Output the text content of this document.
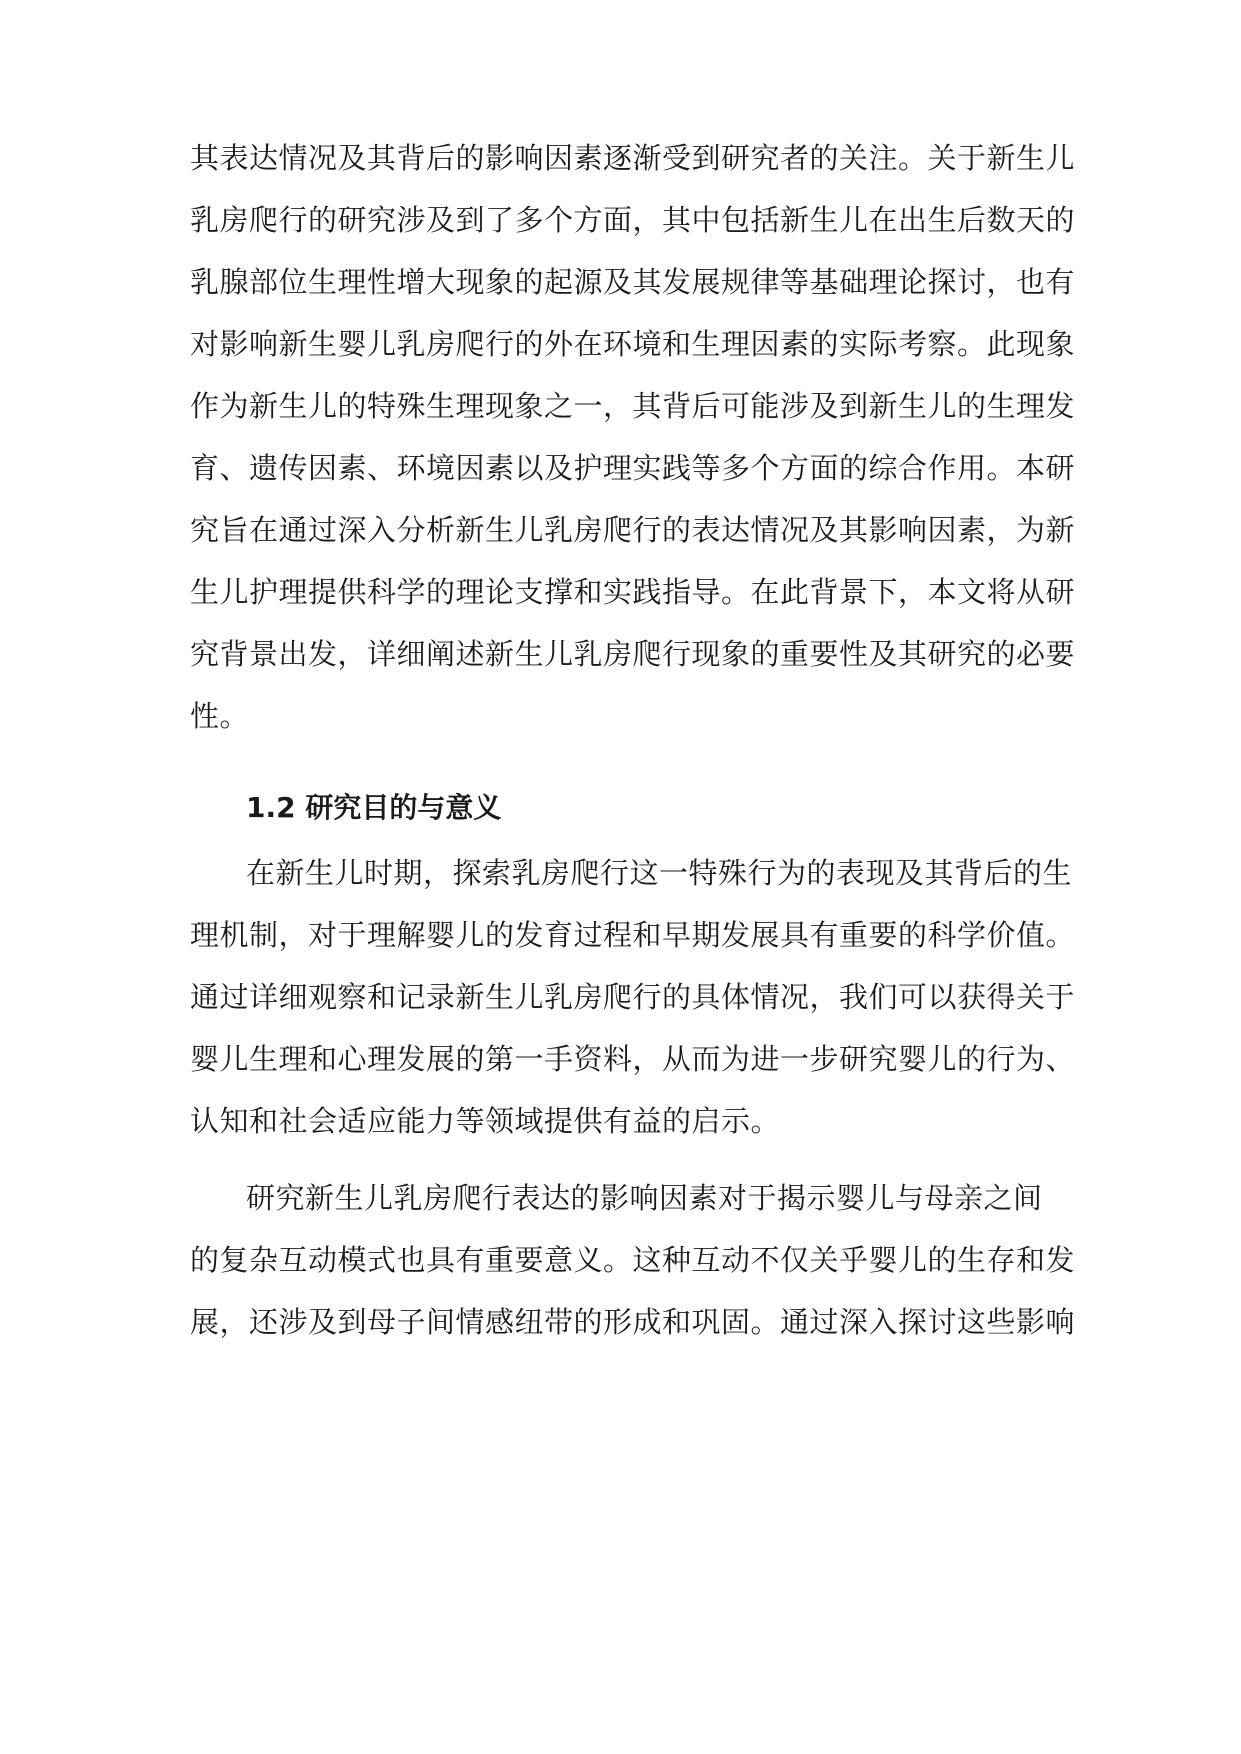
其表达情况及其背后的影响因素逐渐受到研究者的关注。关于新生儿
乳房爬行的研究涉及到了多个方面，其中包括新生儿在出生后数天的
乳腺部位生理性增大现象的起源及其发展规律等基础理论探讨，也有
对影响新生婴儿乳房爬行的外在环境和生理因素的实际考察。此现象
作为新生儿的特殊生理现象之一，其背后可能涉及到新生儿的生理发
育、遗传因素、环境因素以及护理实践等多个方面的综合作用。本研
究旨在通过深入分析新生儿乳房爬行的表达情况及其影响因素，为新
生儿护理提供科学的理论支撑和实践指导。在此背景下，本文将从研
究背景出发，详细阐述新生儿乳房爬行现象的重要性及其研究的必要
性。
1.2 研究目的与意义
在新生儿时期，探索乳房爬行这一特殊行为的表现及其背后的生
理机制，对于理解婴儿的发育过程和早期发展具有重要的科学价值。
通过详细观察和记录新生儿乳房爬行的具体情况，我们可以获得关于
婴儿生理和心理发展的第一手资料，从而为进一步研究婴儿的行为、
认知和社会适应能力等领域提供有益的启示。
研究新生儿乳房爬行表达的影响因素对于揭示婴儿与母亲之间
的复杂互动模式也具有重要意义。这种互动不仅关乎婴儿的生存和发
展，还涉及到母子间情感纽带的形成和巩固。通过深入探讨这些影响
